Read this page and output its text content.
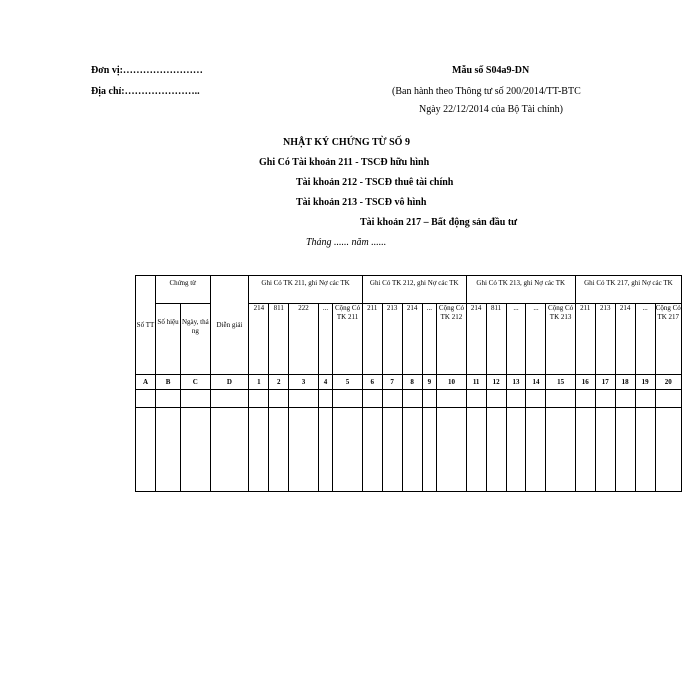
Đơn vị:……………………
Địa chỉ:…………………..
Mẫu số S04a9-DN
(Ban hành theo Thông tư số 200/2014/TT-BTC
Ngày 22/12/2014 của Bộ Tài chính)
NHẬT KÝ CHỨNG TỪ SỐ 9
Ghi Có Tài khoản 211 - TSCĐ hữu hình
Tài khoản 212 - TSCĐ thuê tài chính
Tài khoản 213 - TSCĐ vô hình
Tài khoản 217 – Bất động sản đầu tư
Tháng ...... năm ......
Số TT	Chứng từ		Diễn giải	Ghi Có TK 211, ghi Nợ các TK					Ghi Có TK 212, ghi Nợ các TK					Ghi Có TK 213, ghi Nợ các TK					Ghi Có TK 217, ghi Nợ các TK				
	Số hiệu	Ngày, tháng		214	811	222	...	Cộng Có TK 211	211	213	214	...	Cộng Có TK 212	214	811	...	...	Cộng Có TK 213	211	213	214	...	Cộng Có TK 217
A	B	C	D	1	2	3	4	5	6	7	8	9	10	11	12	13	14	15	16	17	18	19	20
